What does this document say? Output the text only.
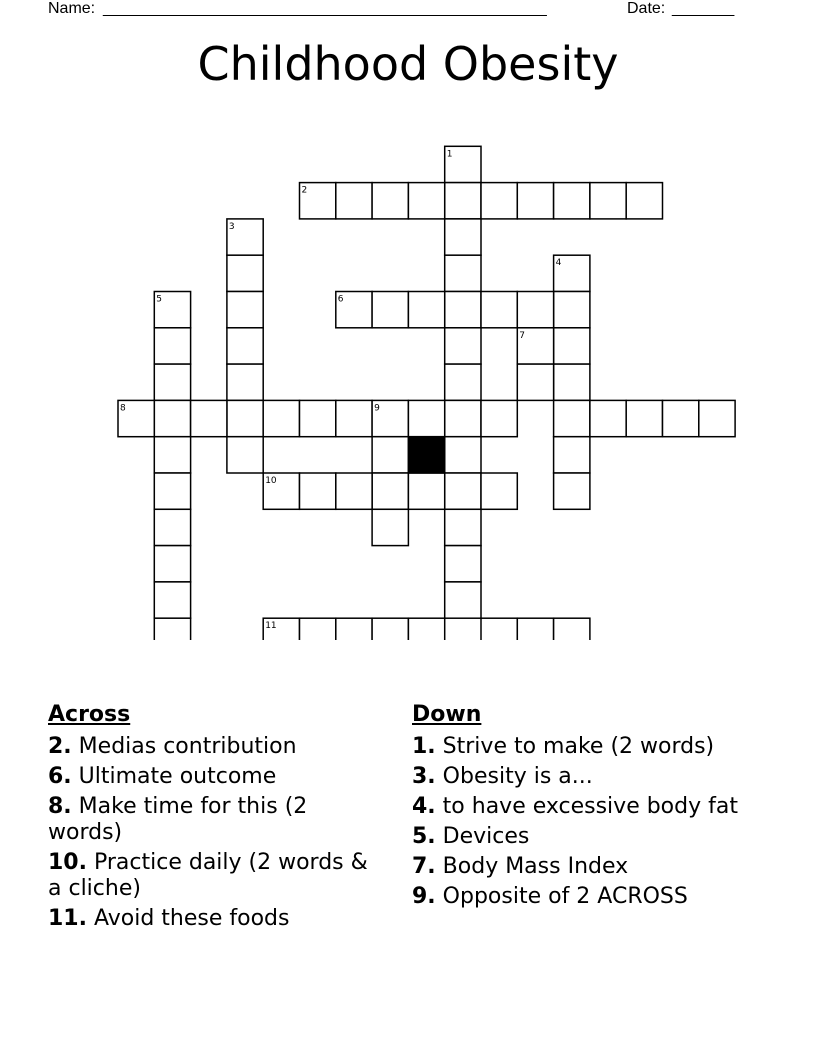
Name: ___________________________________________________	Date: _______
Childhood Obesity
1
2
3
4
5	6
7
8	9
10
11
Across
2. Medias contribution
6. Ultimate outcome
8. Make time for this (2 words)
10. Practice daily (2 words & a cliche)
11. Avoid these foods
Down
1. Strive to make (2 words)
3. Obesity is a...
4. to have excessive body fat
5. Devices
7. Body Mass Index
9. Opposite of 2 ACROSS
